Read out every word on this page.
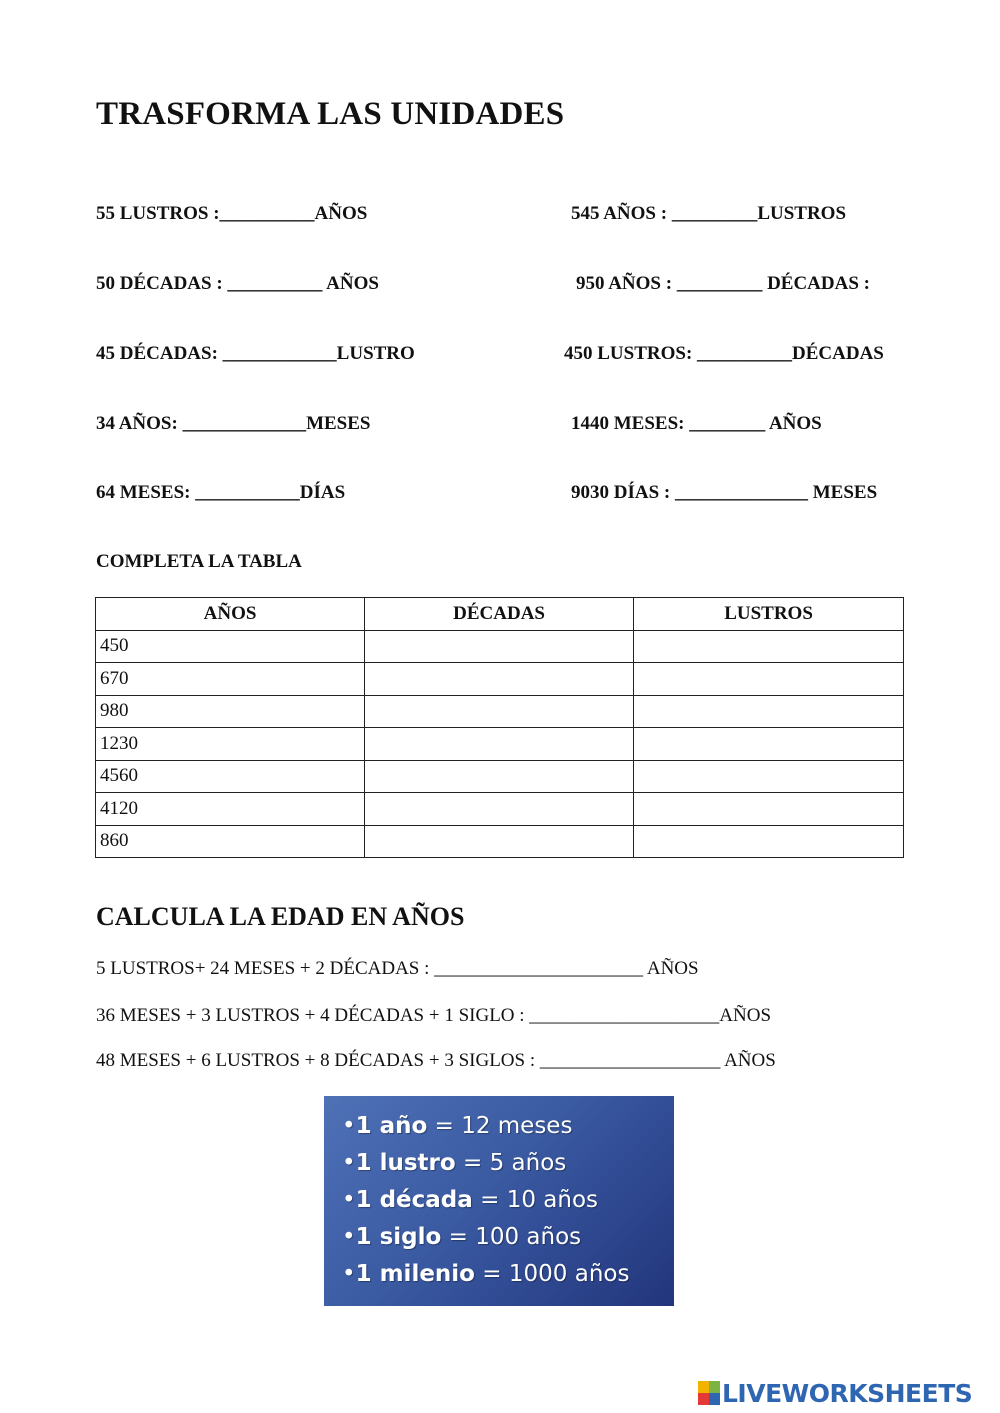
TRASFORMA LAS UNIDADES
55 LUSTROS :__________AÑOS	545 AÑOS : _________LUSTROS
50 DÉCADAS : __________ AÑOS	950 AÑOS : _________ DÉCADAS :
45 DÉCADAS: ____________LUSTRO	450 LUSTROS: __________DÉCADAS
34 AÑOS: _____________MESES	1440 MESES: ________ AÑOS
64 MESES: ___________DÍAS	9030 DÍAS : ______________ MESES
COMPLETA LA TABLA
AÑOS	DÉCADAS	LUSTROS
450		
670		
980		
1230		
4560		
4120		
860		
CALCULA LA EDAD EN AÑOS
5 LUSTROS+ 24 MESES + 2 DÉCADAS : ______________________ AÑOS
36 MESES + 3 LUSTROS + 4 DÉCADAS + 1 SIGLO : ____________________AÑOS
48 MESES + 6 LUSTROS + 8 DÉCADAS + 3 SIGLOS : ___________________ AÑOS
•1 año = 12 meses
•1 lustro = 5 años
•1 década = 10 años
•1 siglo = 100 años
•1 milenio = 1000 años
LIVEWORKSHEETS
